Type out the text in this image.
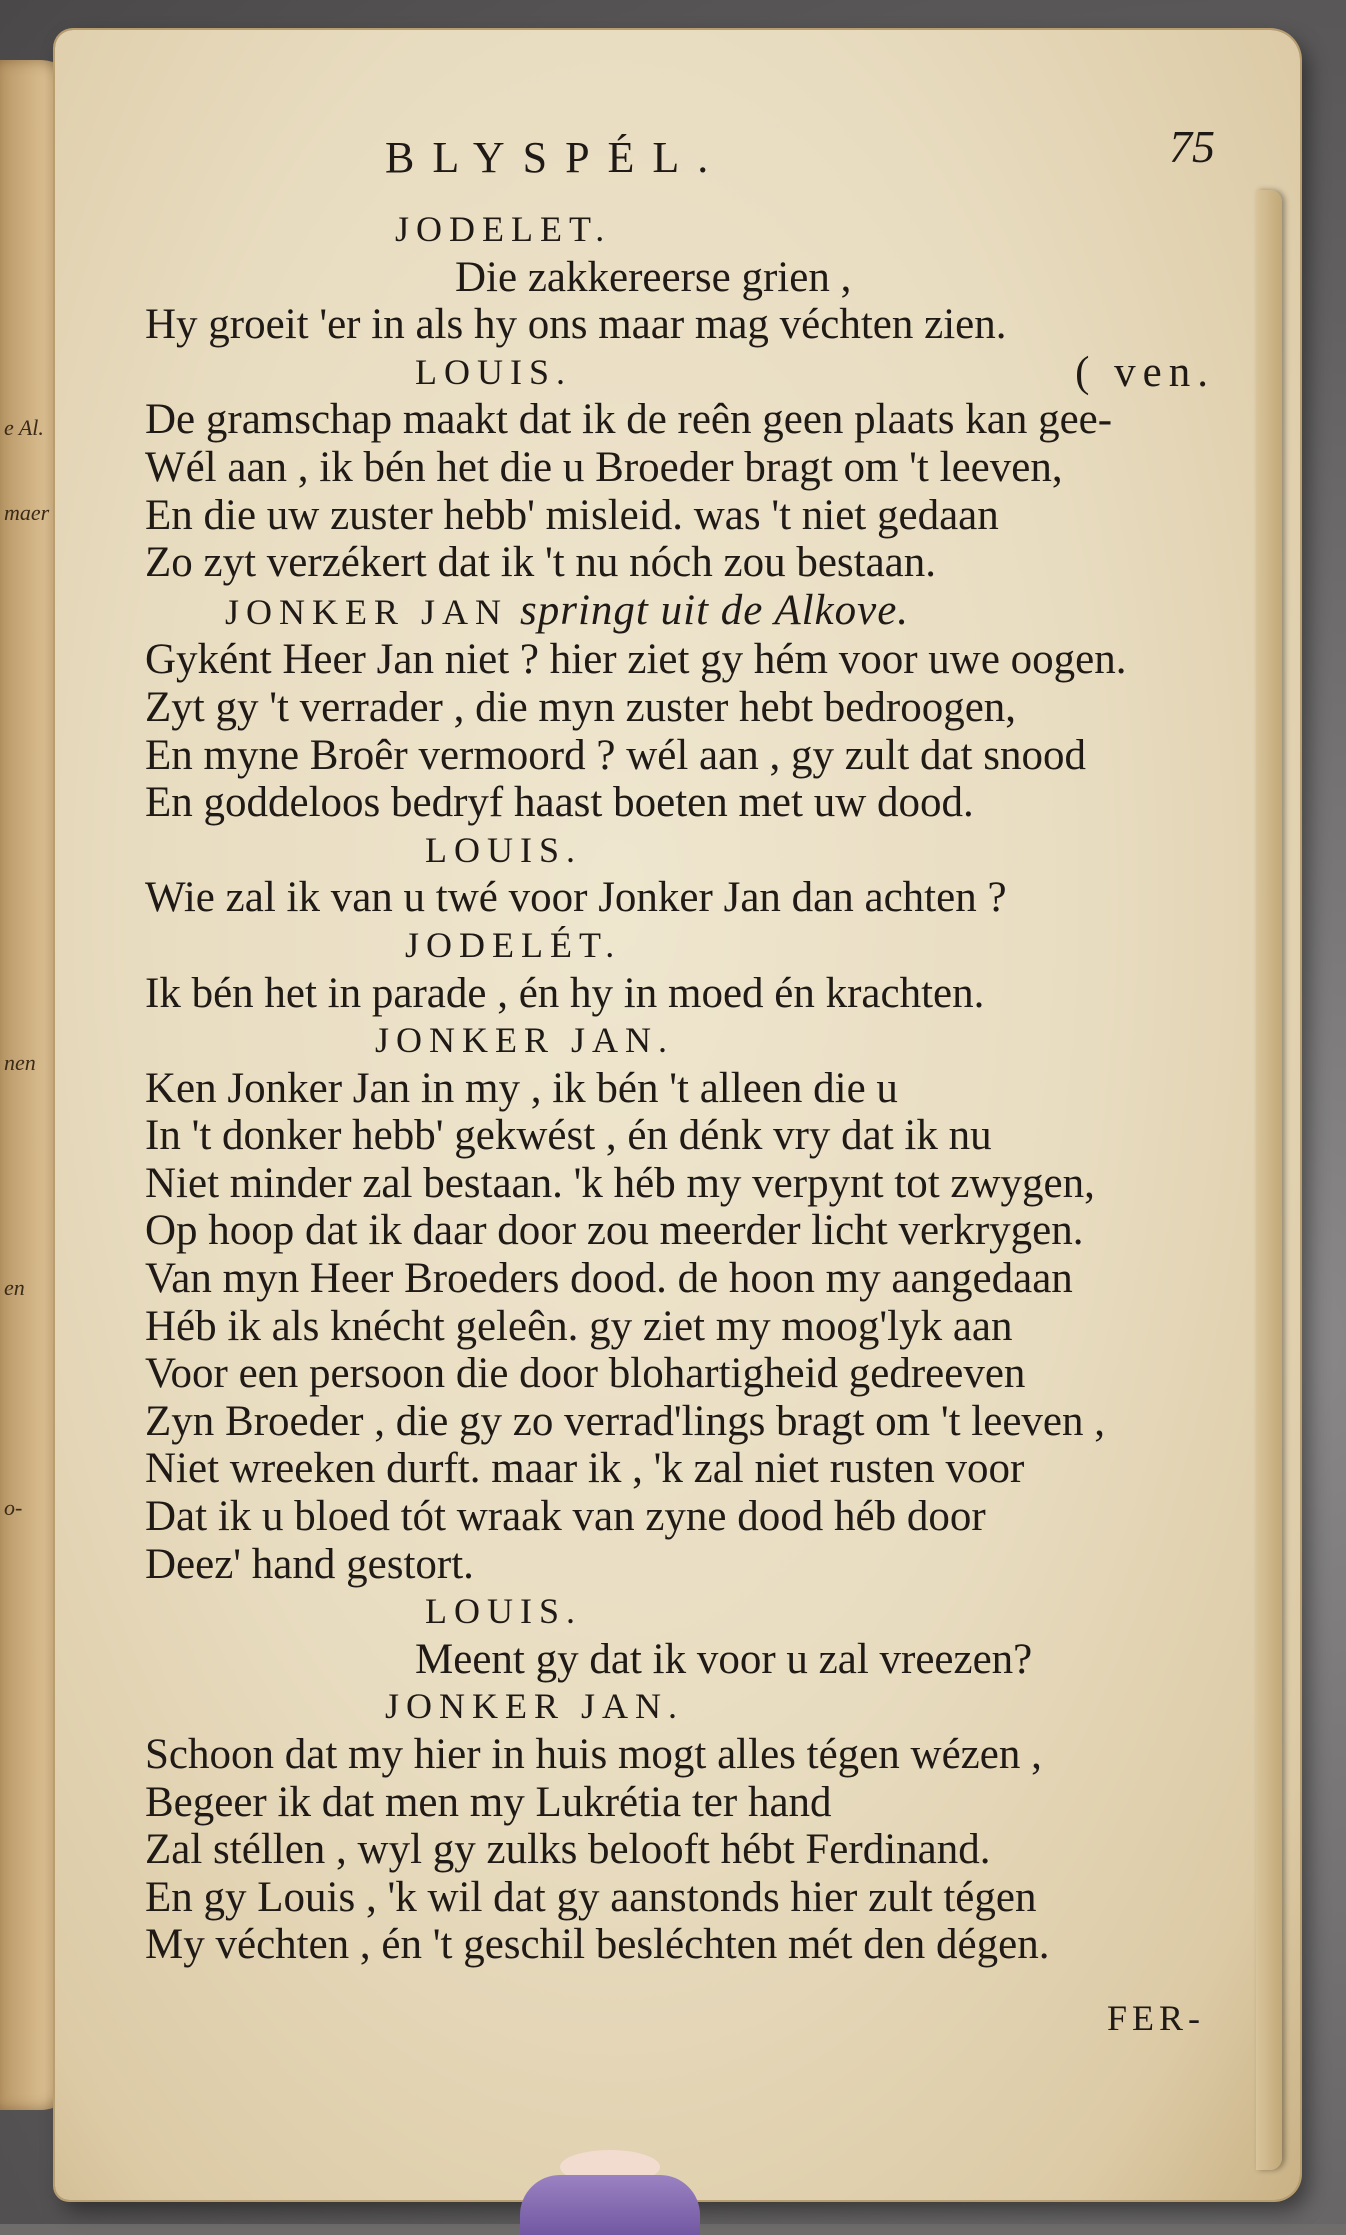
e Al.
maer
nen
en
o-
BLYSPÉL.	75
JODELET.
Die zakkereerse grien ,
Hy groeit 'er in als hy ons maar mag véchten zien.
LOUIS.	( ven.
De gramschap maakt dat ik de reên geen plaats kan gee-
Wél aan , ik bén het die u Broeder bragt om 't leeven,
En die uw zuster hebb' misleid. was 't niet gedaan
Zo zyt verzékert dat ik 't nu nóch zou bestaan.
JONKER JAN springt uit de Alkove.
Gyként Heer Jan niet ? hier ziet gy hém voor uwe oogen.
Zyt gy 't verrader , die myn zuster hebt bedroogen,
En myne Broêr vermoord ? wél aan , gy zult dat snood
En goddeloos bedryf haast boeten met uw dood.
LOUIS.
Wie zal ik van u twé voor Jonker Jan dan achten ?
JODELÉT.
Ik bén het in parade , én hy in moed én krachten.
JONKER JAN.
Ken Jonker Jan in my , ik bén 't alleen die u
In 't donker hebb' gekwést , én dénk vry dat ik nu
Niet minder zal bestaan. 'k héb my verpynt tot zwygen,
Op hoop dat ik daar door zou meerder licht verkrygen.
Van myn Heer Broeders dood. de hoon my aangedaan
Héb ik als knécht geleên. gy ziet my moog'lyk aan
Voor een persoon die door blohartigheid gedreeven
Zyn Broeder , die gy zo verrad'lings bragt om 't leeven ,
Niet wreeken durft. maar ik , 'k zal niet rusten voor
Dat ik u bloed tót wraak van zyne dood héb door
Deez' hand gestort.
LOUIS.
Meent gy dat ik voor u zal vreezen?
JONKER JAN.
Schoon dat my hier in huis mogt alles tégen wézen ,
Begeer ik dat men my Lukrétia ter hand
Zal stéllen , wyl gy zulks belooft hébt Ferdinand.
En gy Louis , 'k wil dat gy aanstonds hier zult tégen
My véchten , én 't geschil besléchten mét den dégen.
FER-
